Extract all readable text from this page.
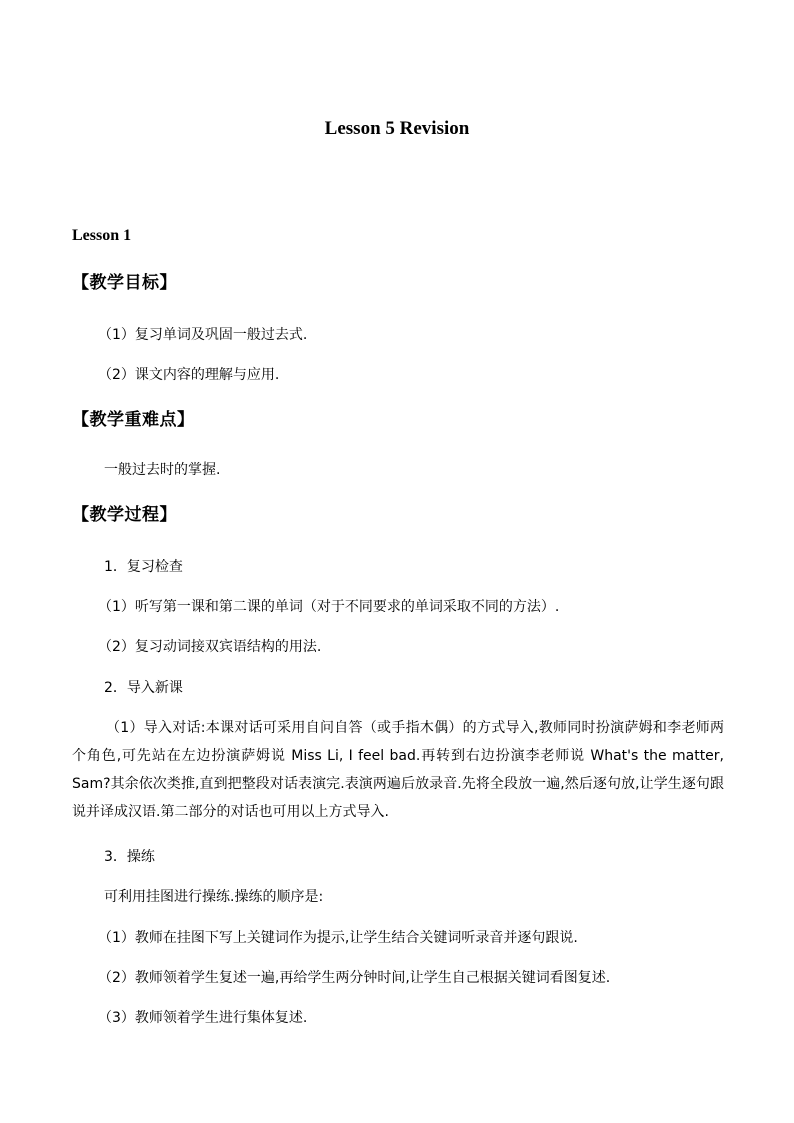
Lesson 5 Revision
Lesson 1
【教学目标】
（1）复习单词及巩固一般过去式.
（2）课文内容的理解与应用.
【教学重难点】
一般过去时的掌握.
【教学过程】
1．复习检查
（1）听写第一课和第二课的单词（对于不同要求的单词采取不同的方法）.
（2）复习动词接双宾语结构的用法.
2．导入新课

（1）导入对话:本课对话可采用自问自答（或手指木偶）的方式导入,教师同时扮演萨姆和李老师两个角色,可先站在左边扮演萨姆说 Miss Li, I feel bad.再转到右边扮演李老师说 What's the matter, Sam?其余依次类推,直到把整段对话表演完.表演两遍后放录音.先将全段放一遍,然后逐句放,让学生逐句跟说并译成汉语.第二部分的对话也可用以上方式导入.

3．操练
可利用挂图进行操练.操练的顺序是:
（1）教师在挂图下写上关键词作为提示,让学生结合关键词听录音并逐句跟说.
（2）教师领着学生复述一遍,再给学生两分钟时间,让学生自己根据关键词看图复述.
（3）教师领着学生进行集体复述.
